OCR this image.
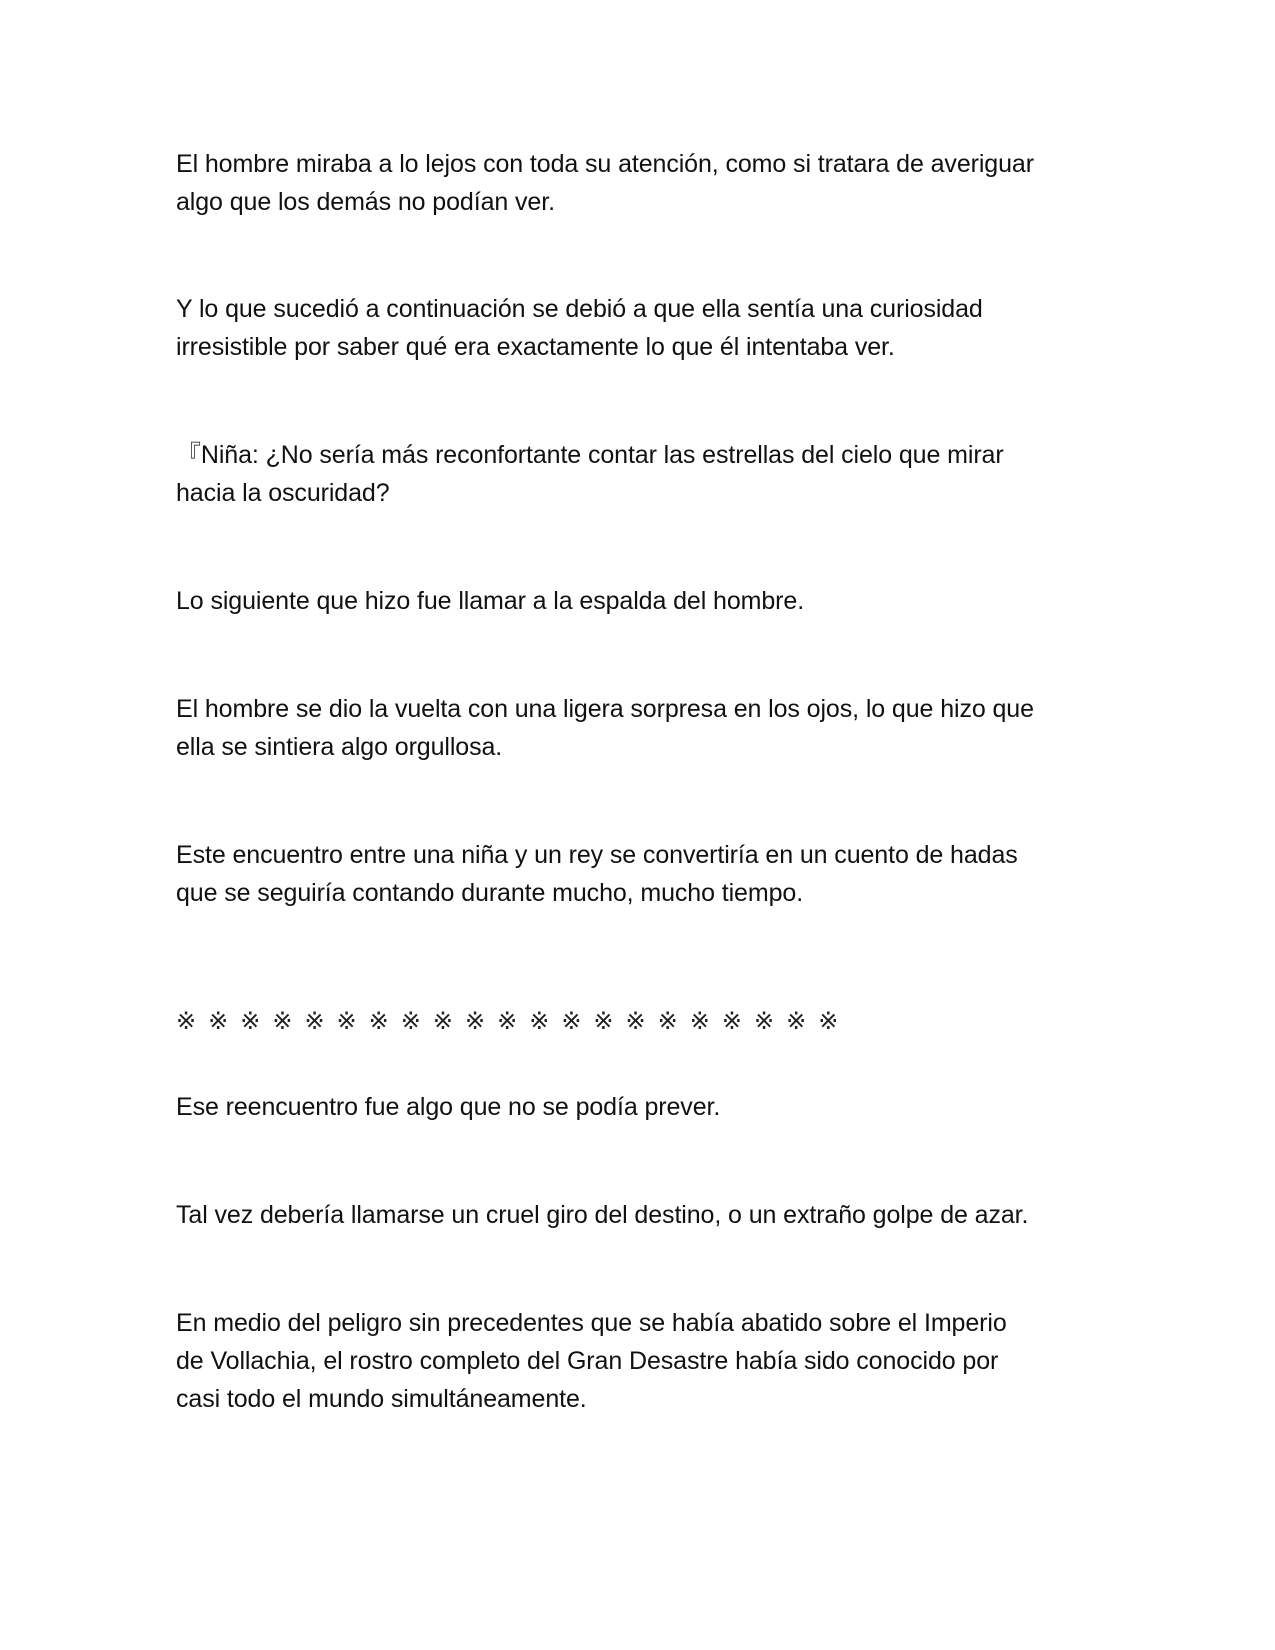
El hombre miraba a lo lejos con toda su atención, como si tratara de averiguar
algo que los demás no podían ver.

Y lo que sucedió a continuación se debió a que ella sentía una curiosidad
irresistible por saber qué era exactamente lo que él intentaba ver.

『Niña: ¿No sería más reconfortante contar las estrellas del cielo que mirar
hacia la oscuridad?

Lo siguiente que hizo fue llamar a la espalda del hombre.

El hombre se dio la vuelta con una ligera sorpresa en los ojos, lo que hizo que
ella se sintiera algo orgullosa.

Este encuentro entre una niña y un rey se convertiría en un cuento de hadas
que se seguiría contando durante mucho, mucho tiempo.

※※※※※※※※※※※※※※※※※※※※※

Ese reencuentro fue algo que no se podía prever.

Tal vez debería llamarse un cruel giro del destino, o un extraño golpe de azar.

En medio del peligro sin precedentes que se había abatido sobre el Imperio
de Vollachia, el rostro completo del Gran Desastre había sido conocido por
casi todo el mundo simultáneamente.
